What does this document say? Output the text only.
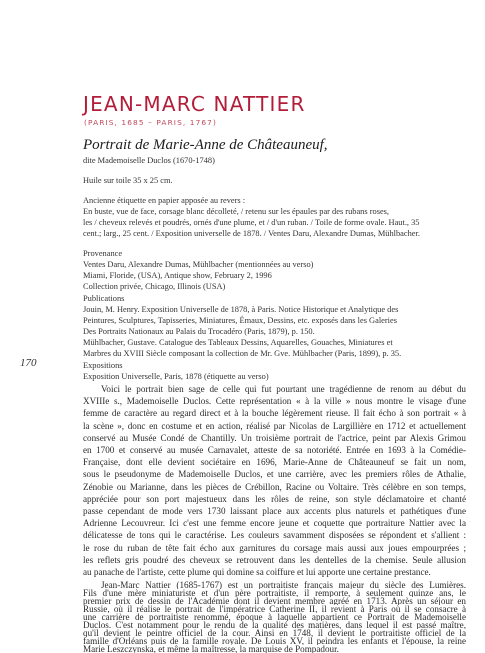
JEAN-MARC NATTIER
(PARIS, 1685 – PARIS, 1767)
Portrait de Marie-Anne de Châteauneuf,
dite Mademoiselle Duclos (1670-1748)
Huile sur toile 35 x 25 cm.
Ancienne étiquette en papier apposée au revers :
En buste, vue de face, corsage blanc décolleté, / retenu sur les épaules par des rubans roses,
les / cheveux relevés et poudrés, ornés d'une plume, et / d'un ruban. / Toile de forme ovale. Haut., 35
cent.; larg., 25 cent. / Exposition universelle de 1878. / Ventes Daru, Alexandre Dumas, Mühlbacher.
Provenance
Ventes Daru, Alexandre Dumas, Mühlbacher (mentionnées au verso)
Miami, Floride, (USA), Antique show, February 2, 1996
Collection privée, Chicago, Illinois (USA)
Publications
Jouin, M. Henry. Exposition Universelle de 1878, à Paris. Notice Historique et Analytique des
Peintures, Sculptures, Tapisseries, Miniatures, Émaux, Dessins, etc. exposés dans les Galeries
Des Portraits Nationaux au Palais du Trocadéro (Paris, 1879), p. 150.
Mühlbacher, Gustave. Catalogue des Tableaux Dessins, Aquarelles, Gouaches, Miniatures et
Marbres du XVIII Siècle composant la collection de Mr. Gve. Mühlbacher (Paris, 1899), p. 35.
Expositions
Exposition Universelle, Paris, 1878 (étiquette au verso)
170
Voici le portrait bien sage de celle qui fut pourtant une tragédienne de renom au début du
XVIIIe s., Mademoiselle Duclos. Cette représentation « à la ville » nous montre le visage d'une
femme de caractère au regard direct et à la bouche légèrement rieuse. Il fait écho à son portrait « à
la scène », donc en costume et en action, réalisé par Nicolas de Largillière en 1712 et actuellement
conservé au Musée Condé de Chantilly. Un troisième portrait de l'actrice, peint par Alexis Grimou
en 1700 et conservé au musée Carnavalet, atteste de sa notoriété. Entrée en 1693 à la Comédie-
Française, dont elle devient sociétaire en 1696, Marie-Anne de Châteauneuf se fait un nom,
sous le pseudonyme de Mademoiselle Duclos, et une carrière, avec les premiers rôles de Athalie,
Zénobie ou Marianne, dans les pièces de Crébillon, Racine ou Voltaire. Très célèbre en son temps,
appréciée pour son port majestueux dans les rôles de reine, son style déclamatoire et chanté
passe cependant de mode vers 1730 laissant place aux accents plus naturels et pathétiques d'une
Adrienne Lecouvreur. Ici c'est une femme encore jeune et coquette que portraiture Nattier avec la
délicatesse de tons qui le caractérise. Les couleurs savamment disposées se répondent et s'allient :
le rose du ruban de tête fait écho aux garnitures du corsage mais aussi aux joues empourprées ;
les reflets gris poudré des cheveux se retrouvent dans les dentelles de la chemise. Seule allusion
au panache de l'artiste, cette plume qui domine sa coiffure et lui apporte une certaine prestance.
Jean-Marc Nattier (1685-1767) est un portraitiste français majeur du siècle des Lumières.
Fils d'une mère miniaturiste et d'un père portraitiste, il remporte, à seulement quinze ans, le
premier prix de dessin de l'Académie dont il devient membre agréé en 1713. Après un séjour en
Russie, où il réalise le portrait de l'impératrice Catherine II, il revient à Paris où il se consacre à
une carrière de portraitiste renommé, époque à laquelle appartient ce Portrait de Mademoiselle
Duclos. C'est notamment pour le rendu de la qualité des matières, dans lequel il est passé maître,
qu'il devient le peintre officiel de la cour. Ainsi en 1748, il devient le portraitiste officiel de la
famille d'Orléans puis de la famille royale. De Louis XV, il peindra les enfants et l'épouse, la reine
Marie Leszczynska, et même la maîtresse, la marquise de Pompadour.
